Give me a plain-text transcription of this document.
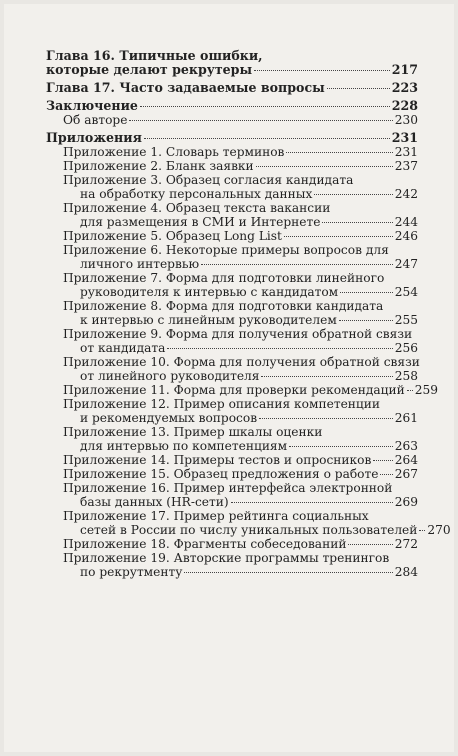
Глава 16. Типичные ошибки,
которые делают рекрутеры	217
Глава 17. Часто задаваемые вопросы	223
Заключение	228
Об авторе	230
Приложения	231
Приложение 1. Словарь терминов	231
Приложение 2. Бланк заявки	237
Приложение 3. Образец согласия кандидата
на обработку персональных данных	242
Приложение 4. Образец текста вакансии
для размещения в СМИ и Интернете	244
Приложение 5. Образец Long List	246
Приложение 6. Некоторые примеры вопросов для
личного интервью	247
Приложение 7. Форма для подготовки линейного
руководителя к интервью с кандидатом	254
Приложение 8. Форма для подготовки кандидата
к интервью с линейным руководителем	255
Приложение 9. Форма для получения обратной связи
от кандидата	256
Приложение 10. Форма для получения обратной связи
от линейного руководителя	258
Приложение 11. Форма для проверки рекомендаций 259
Приложение 12. Пример описания компетенции
и рекомендуемых вопросов	261
Приложение 13. Пример шкалы оценки
для интервью по компетенциям	263
Приложение 14. Примеры тестов и опросников 264
Приложение 15. Образец предложения о работе 267
Приложение 16. Пример интерфейса электронной
базы данных (HR-сети)	269
Приложение 17. Пример рейтинга социальных
сетей в России по числу уникальных пользователей 270
Приложение 18. Фрагменты собеседований	272
Приложение 19. Авторские программы тренингов
по рекрутменту	284
